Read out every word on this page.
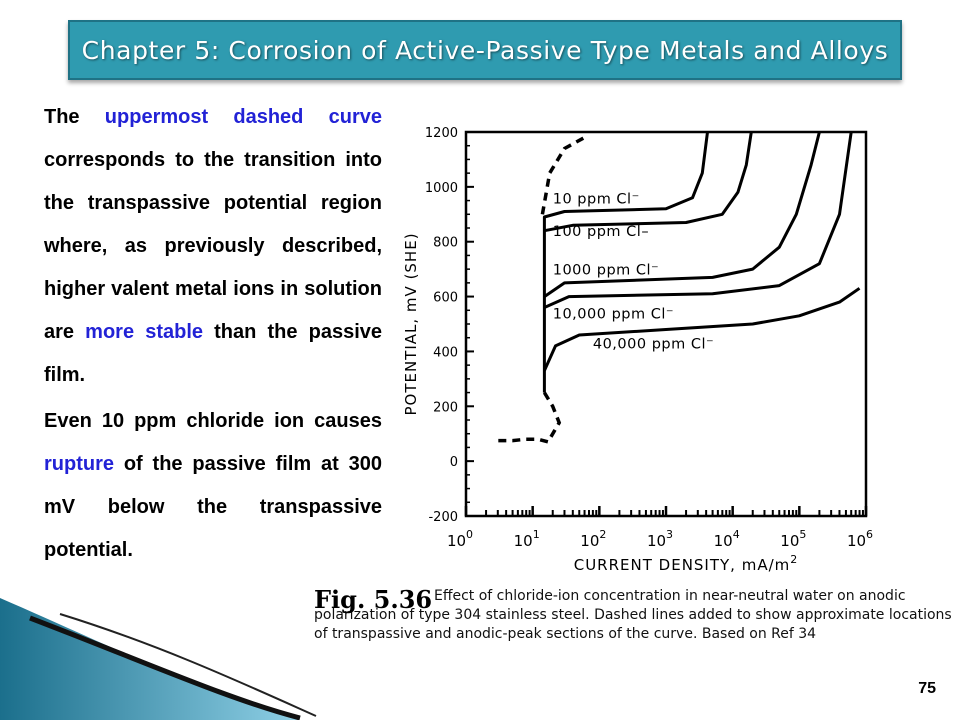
Chapter 5: Corrosion of Active-Passive Type Metals and Alloys

The uppermost dashed curve corresponds to the transition into the transpassive potential region where, as previously described, higher valent metal ions in solution are more stable than the passive film.

Even 10 ppm chloride ion causes rupture of the passive film at 300 mV below the transpassive potential.

1200
1000
800
600
400
200
0
-200
$10^0$	$10^1$	$10^2$	$10^3$	$10^4$	$10^5$	$10^6$
CURRENT DENSITY, $mA/m^2$
POTENTIAL, mV (SHE)
10 ppm Cl⁻
100 ppm Cl–
1000 ppm Cl⁻
10,000 ppm Cl⁻
40,000 ppm Cl⁻
Fig. 5.36 Effect of chloride-ion concentration in near-neutral water on anodic polarization of type 304 stainless steel. Dashed lines added to show approximate locations of transpassive and anodic-peak sections of the curve. Based on Ref 34

75
